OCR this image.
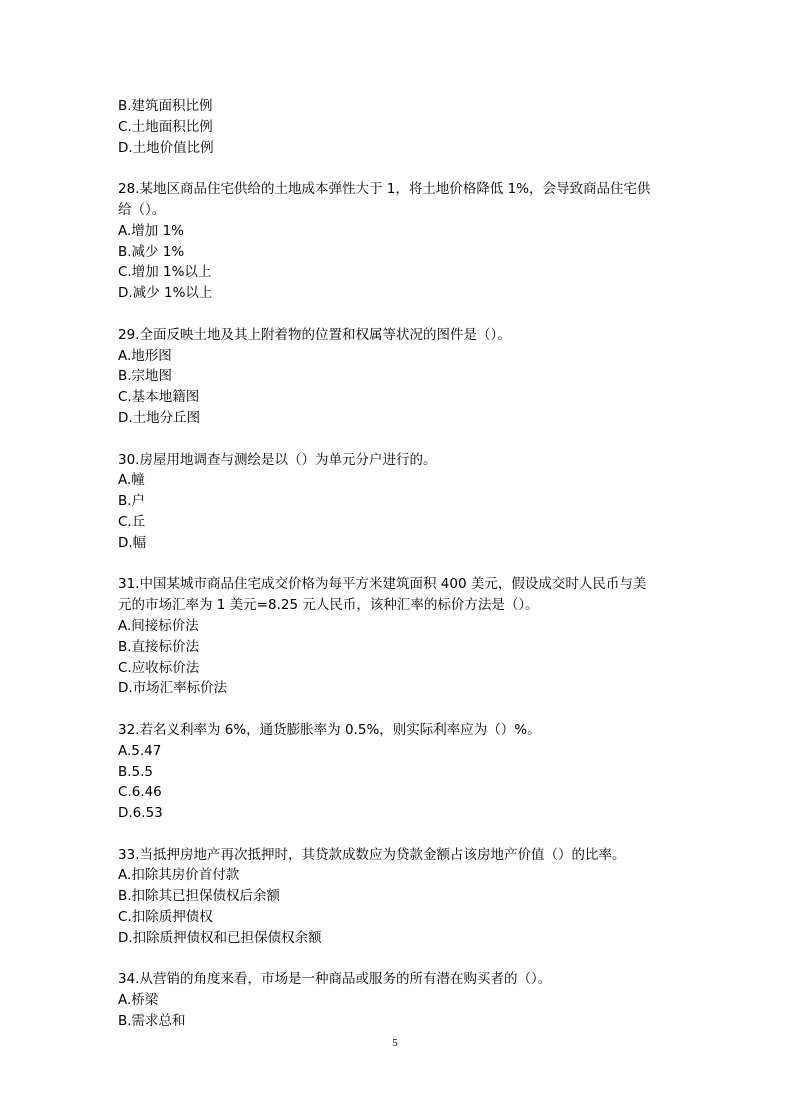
B.建筑面积比例
C.土地面积比例
D.土地价值比例
28.某地区商品住宅供给的土地成本弹性大于 1，将土地价格降低 1%，会导致商品住宅供
给（）。
A.增加 1%
B.减少 1%
C.增加 1%以上
D.减少 1%以上
29.全面反映土地及其上附着物的位置和权属等状况的图件是（）。
A.地形图
B.宗地图
C.基本地籍图
D.土地分丘图
30.房屋用地调查与测绘是以（）为单元分户进行的。
A.幢
B.户
C.丘
D.幅
31.中国某城市商品住宅成交价格为每平方米建筑面积 400 美元，假设成交时人民币与美
元的市场汇率为 1 美元=8.25 元人民币，该种汇率的标价方法是（）。
A.间接标价法
B.直接标价法
C.应收标价法
D.市场汇率标价法
32.若名义利率为 6%，通货膨胀率为 0.5%，则实际利率应为（）%。
A.5.47
B.5.5
C.6.46
D.6.53
33.当抵押房地产再次抵押时，其贷款成数应为贷款金额占该房地产价值（）的比率。
A.扣除其房价首付款
B.扣除其已担保债权后余额
C.扣除质押债权
D.扣除质押债权和已担保债权余额
34.从营销的角度来看，市场是一种商品或服务的所有潜在购买者的（）。
A.桥梁
B.需求总和
5
